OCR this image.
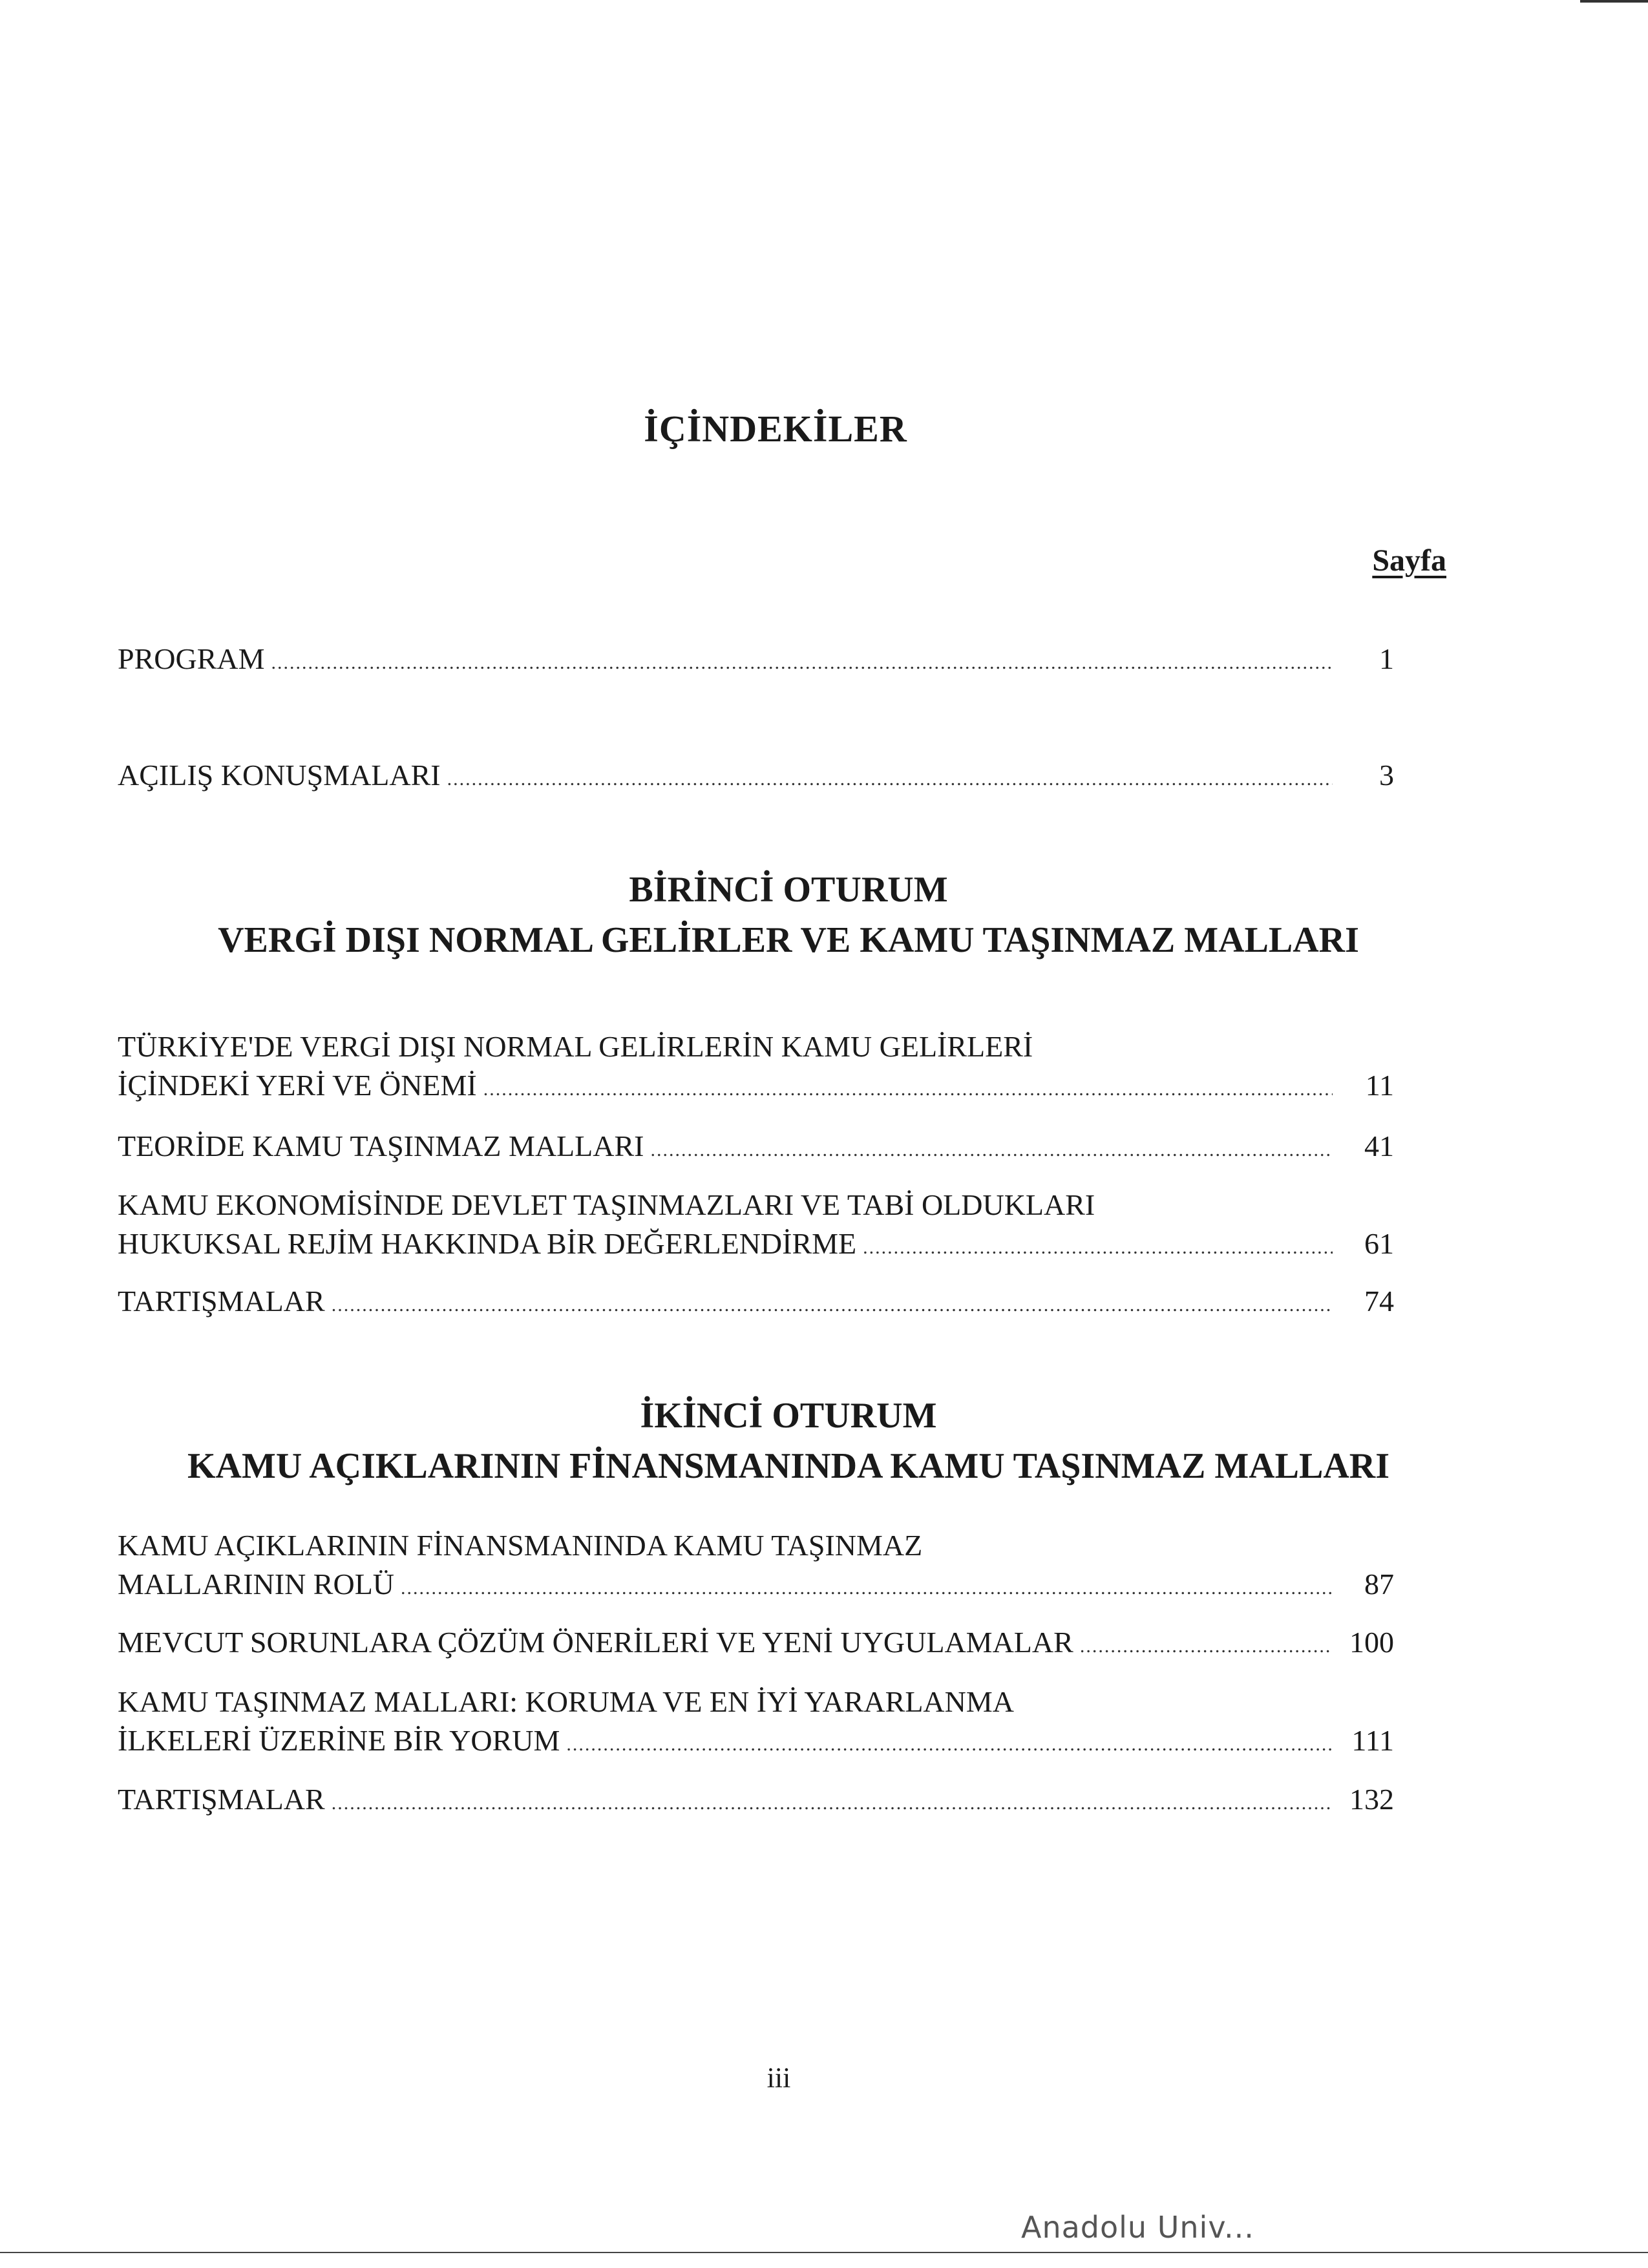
İÇİNDEKİLER
Sayfa
PROGRAM .....	1
AÇILIŞ KONUŞMALARI .....	3
BİRİNCİ OTURUM
VERGİ DIŞI NORMAL GELİRLER VE KAMU TAŞINMAZ MALLARI
TÜRKİYE'DE VERGİ DIŞI NORMAL GELİRLERİN KAMU GELİRLERİ
İÇİNDEKİ YERİ VE ÖNEMİ .....	11
TEORİDE KAMU TAŞINMAZ MALLARI .....	41
KAMU EKONOMİSİNDE DEVLET TAŞINMAZLARI VE TABİ OLDUKLARI
HUKUKSAL REJİM HAKKINDA BİR DEĞERLENDİRME .....	61
TARTIŞMALAR .....	74
İKİNCİ OTURUM
KAMU AÇIKLARININ FİNANSMANINDA KAMU TAŞINMAZ MALLARI
KAMU AÇIKLARININ FİNANSMANINDA KAMU TAŞINMAZ
MALLARININ ROLÜ .....	87
MEVCUT SORUNLARA ÇÖZÜM ÖNERİLERİ VE YENİ UYGULAMALAR .....	100
KAMU TAŞINMAZ MALLARI: KORUMA VE EN İYİ YARARLANMA
İLKELERİ ÜZERİNE BİR YORUM .....	111
TARTIŞMALAR .....	132
iii
Anadolu Univ...
